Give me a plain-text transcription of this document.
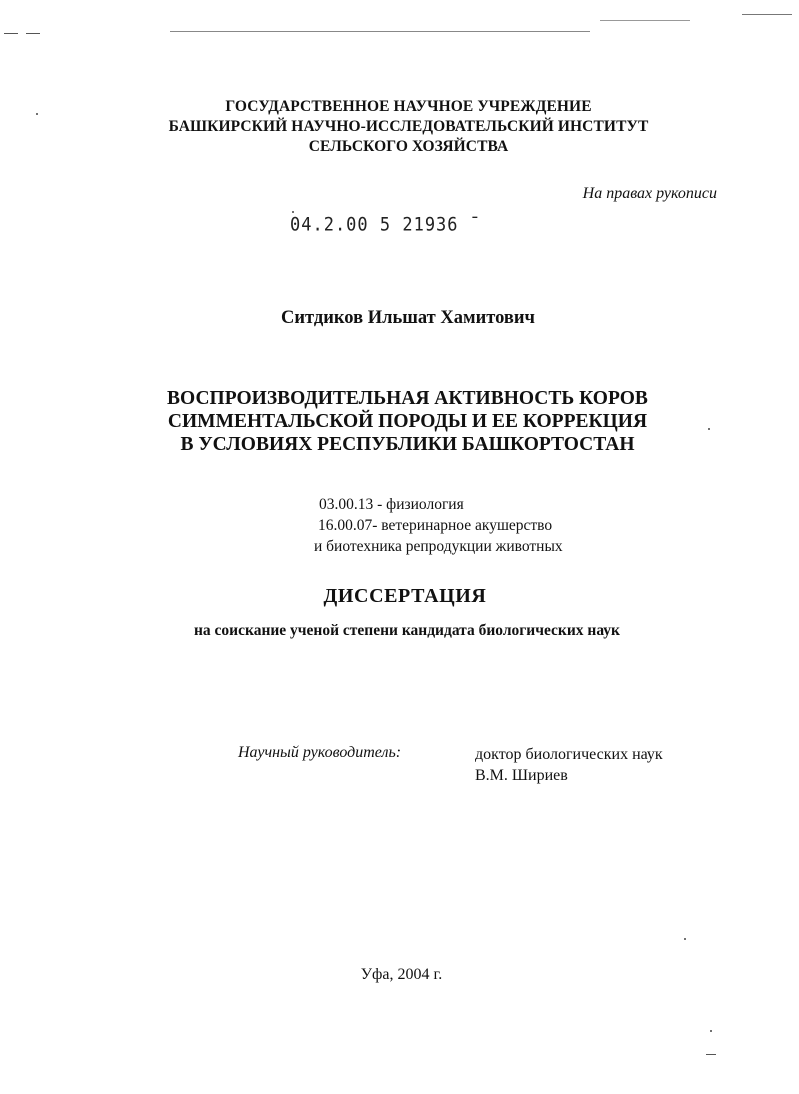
ГОСУДАРСТВЕННОЕ НАУЧНОЕ УЧРЕЖДЕНИЕ
БАШКИРСКИЙ НАУЧНО-ИССЛЕДОВАТЕЛЬСКИЙ ИНСТИТУТ
СЕЛЬСКОГО ХОЗЯЙСТВА
На правах рукописи
04.2.00 5 21936 ˉ
Ситдиков Ильшат Хамитович
ВОСПРОИЗВОДИТЕЛЬНАЯ АКТИВНОСТЬ КОРОВ
СИММЕНТАЛЬСКОЙ ПОРОДЫ И ЕЕ КОРРЕКЦИЯ
В УСЛОВИЯХ РЕСПУБЛИКИ БАШКОРТОСТАН
03.00.13 - физиология
16.00.07- ветеринарное акушерство
и биотехника репродукции животных
ДИССЕРТАЦИЯ
на соискание ученой степени кандидата биологических наук
Научный руководитель:	доктор биологических наук
В.М. Шириев
Уфа, 2004 г.
